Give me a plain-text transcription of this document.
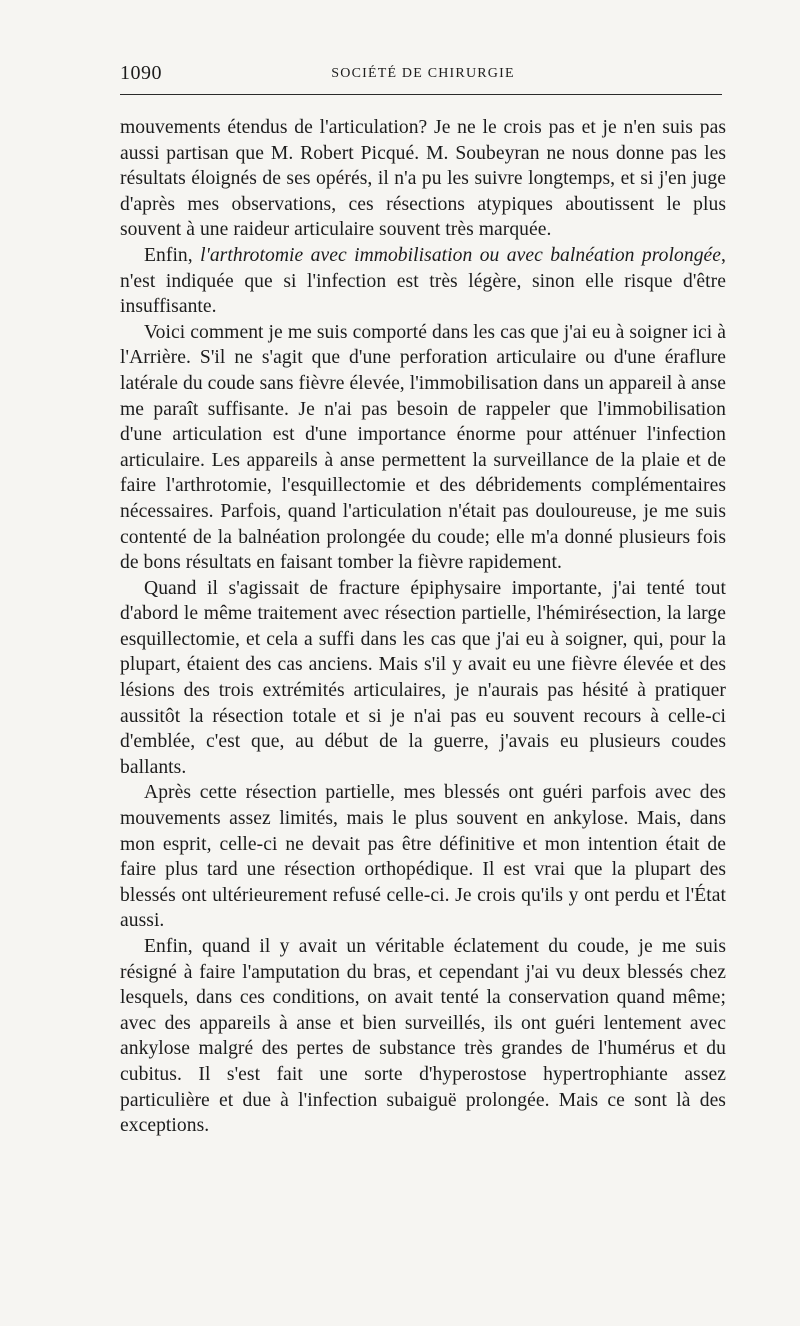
1090	SOCIÉTÉ DE CHIRURGIE

mouvements étendus de l'articulation? Je ne le crois pas et je n'en suis pas aussi partisan que M. Robert Picqué. M. Soubeyran ne nous donne pas les résultats éloignés de ses opérés, il n'a pu les suivre longtemps, et si j'en juge d'après mes observations, ces résections atypiques aboutissent le plus souvent à une raideur articulaire souvent très marquée.

Enfin, l'arthrotomie avec immobilisation ou avec balnéation prolongée, n'est indiquée que si l'infection est très légère, sinon elle risque d'être insuffisante.

Voici comment je me suis comporté dans les cas que j'ai eu à soigner ici à l'Arrière. S'il ne s'agit que d'une perforation articulaire ou d'une éraflure latérale du coude sans fièvre élevée, l'immobilisation dans un appareil à anse me paraît suffisante. Je n'ai pas besoin de rappeler que l'immobilisation d'une articulation est d'une importance énorme pour atténuer l'infection articulaire. Les appareils à anse permettent la surveillance de la plaie et de faire l'arthrotomie, l'esquillectomie et des débridements complémentaires nécessaires. Parfois, quand l'articulation n'était pas douloureuse, je me suis contenté de la balnéation prolongée du coude; elle m'a donné plusieurs fois de bons résultats en faisant tomber la fièvre rapidement.

Quand il s'agissait de fracture épiphysaire importante, j'ai tenté tout d'abord le même traitement avec résection partielle, l'hémirésection, la large esquillectomie, et cela a suffi dans les cas que j'ai eu à soigner, qui, pour la plupart, étaient des cas anciens. Mais s'il y avait eu une fièvre élevée et des lésions des trois extrémités articulaires, je n'aurais pas hésité à pratiquer aussitôt la résection totale et si je n'ai pas eu souvent recours à celle-ci d'emblée, c'est que, au début de la guerre, j'avais eu plusieurs coudes ballants.

Après cette résection partielle, mes blessés ont guéri parfois avec des mouvements assez limités, mais le plus souvent en ankylose. Mais, dans mon esprit, celle-ci ne devait pas être définitive et mon intention était de faire plus tard une résection orthopédique. Il est vrai que la plupart des blessés ont ultérieurement refusé celle-ci. Je crois qu'ils y ont perdu et l'État aussi.

Enfin, quand il y avait un véritable éclatement du coude, je me suis résigné à faire l'amputation du bras, et cependant j'ai vu deux blessés chez lesquels, dans ces conditions, on avait tenté la conservation quand même; avec des appareils à anse et bien surveillés, ils ont guéri lentement avec ankylose malgré des pertes de substance très grandes de l'humérus et du cubitus. Il s'est fait une sorte d'hyperostose hypertrophiante assez particulière et due à l'infection subaiguë prolongée. Mais ce sont là des exceptions.
